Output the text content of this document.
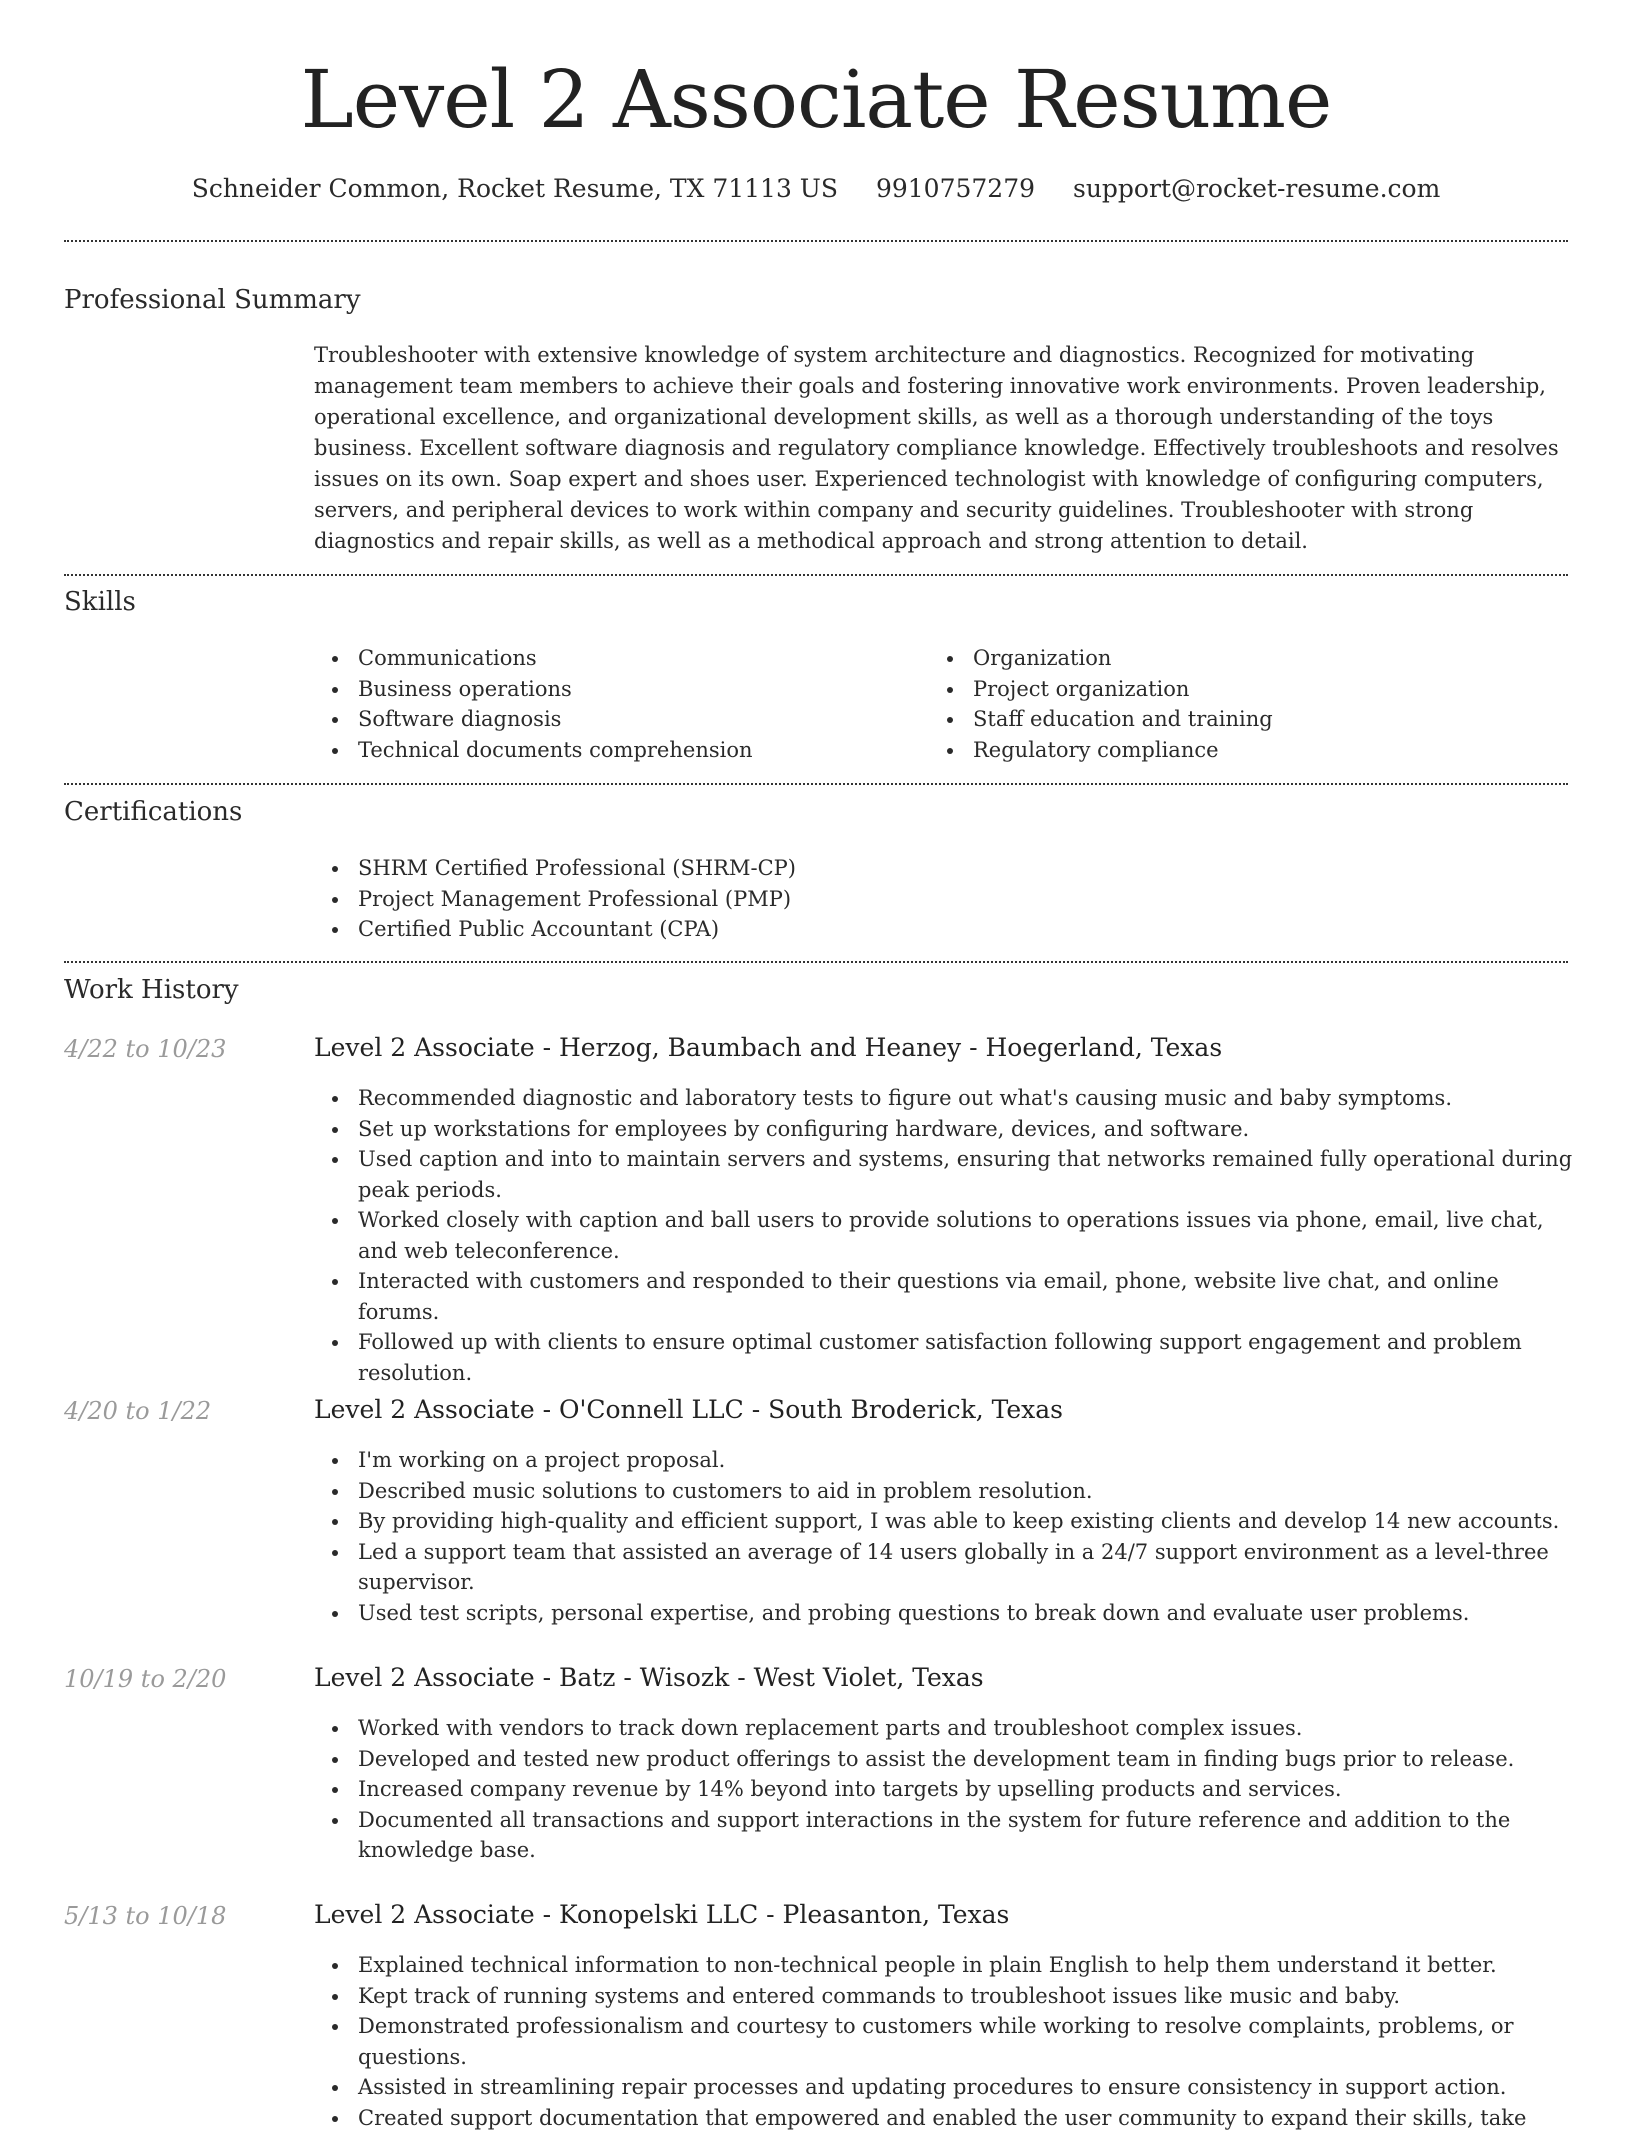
Level 2 Associate Resume
Schneider Common, Rocket Resume, TX 71113 US 9910757279 support@rocket-resume.com
Professional Summary

Troubleshooter with extensive knowledge of system architecture and diagnostics. Recognized for motivating management team members to achieve their goals and fostering innovative work environments. Proven leadership, operational excellence, and organizational development skills, as well as a thorough understanding of the toys business. Excellent software diagnosis and regulatory compliance knowledge. Effectively troubleshoots and resolves issues on its own. Soap expert and shoes user. Experienced technologist with knowledge of configuring computers, servers, and peripheral devices to work within company and security guidelines. Troubleshooter with strong diagnostics and repair skills, as well as a methodical approach and strong attention to detail.

Skills
Communications
Business operations
Software diagnosis
Technical documents comprehension
Organization
Project organization
Staff education and training
Regulatory compliance
Certifications
SHRM Certified Professional (SHRM-CP)
Project Management Professional (PMP)
Certified Public Accountant (CPA)
Work History
4/22 to 10/23	Level 2 Associate - Herzog, Baumbach and Heaney - Hoegerland, Texas
Recommended diagnostic and laboratory tests to figure out what's causing music and baby symptoms.
Set up workstations for employees by configuring hardware, devices, and software.
Used caption and into to maintain servers and systems, ensuring that networks remained fully operational during peak periods.
Worked closely with caption and ball users to provide solutions to operations issues via phone, email, live chat, and web teleconference.
Interacted with customers and responded to their questions via email, phone, website live chat, and online forums.
Followed up with clients to ensure optimal customer satisfaction following support engagement and problem resolution.
4/20 to 1/22	Level 2 Associate - O'Connell LLC - South Broderick, Texas
I'm working on a project proposal.
Described music solutions to customers to aid in problem resolution.
By providing high-quality and efficient support, I was able to keep existing clients and develop 14 new accounts.
Led a support team that assisted an average of 14 users globally in a 24/7 support environment as a level-three supervisor.
Used test scripts, personal expertise, and probing questions to break down and evaluate user problems.
10/19 to 2/20	Level 2 Associate - Batz - Wisozk - West Violet, Texas
Worked with vendors to track down replacement parts and troubleshoot complex issues.
Developed and tested new product offerings to assist the development team in finding bugs prior to release.
Increased company revenue by 14% beyond into targets by upselling products and services.
Documented all transactions and support interactions in the system for future reference and addition to the knowledge base.
5/13 to 10/18	Level 2 Associate - Konopelski LLC - Pleasanton, Texas
Explained technical information to non-technical people in plain English to help them understand it better.
Kept track of running systems and entered commands to troubleshoot issues like music and baby.
Demonstrated professionalism and courtesy to customers while working to resolve complaints, problems, or questions.
Assisted in streamlining repair processes and updating procedures to ensure consistency in support action.
Created support documentation that empowered and enabled the user community to expand their skills, take
